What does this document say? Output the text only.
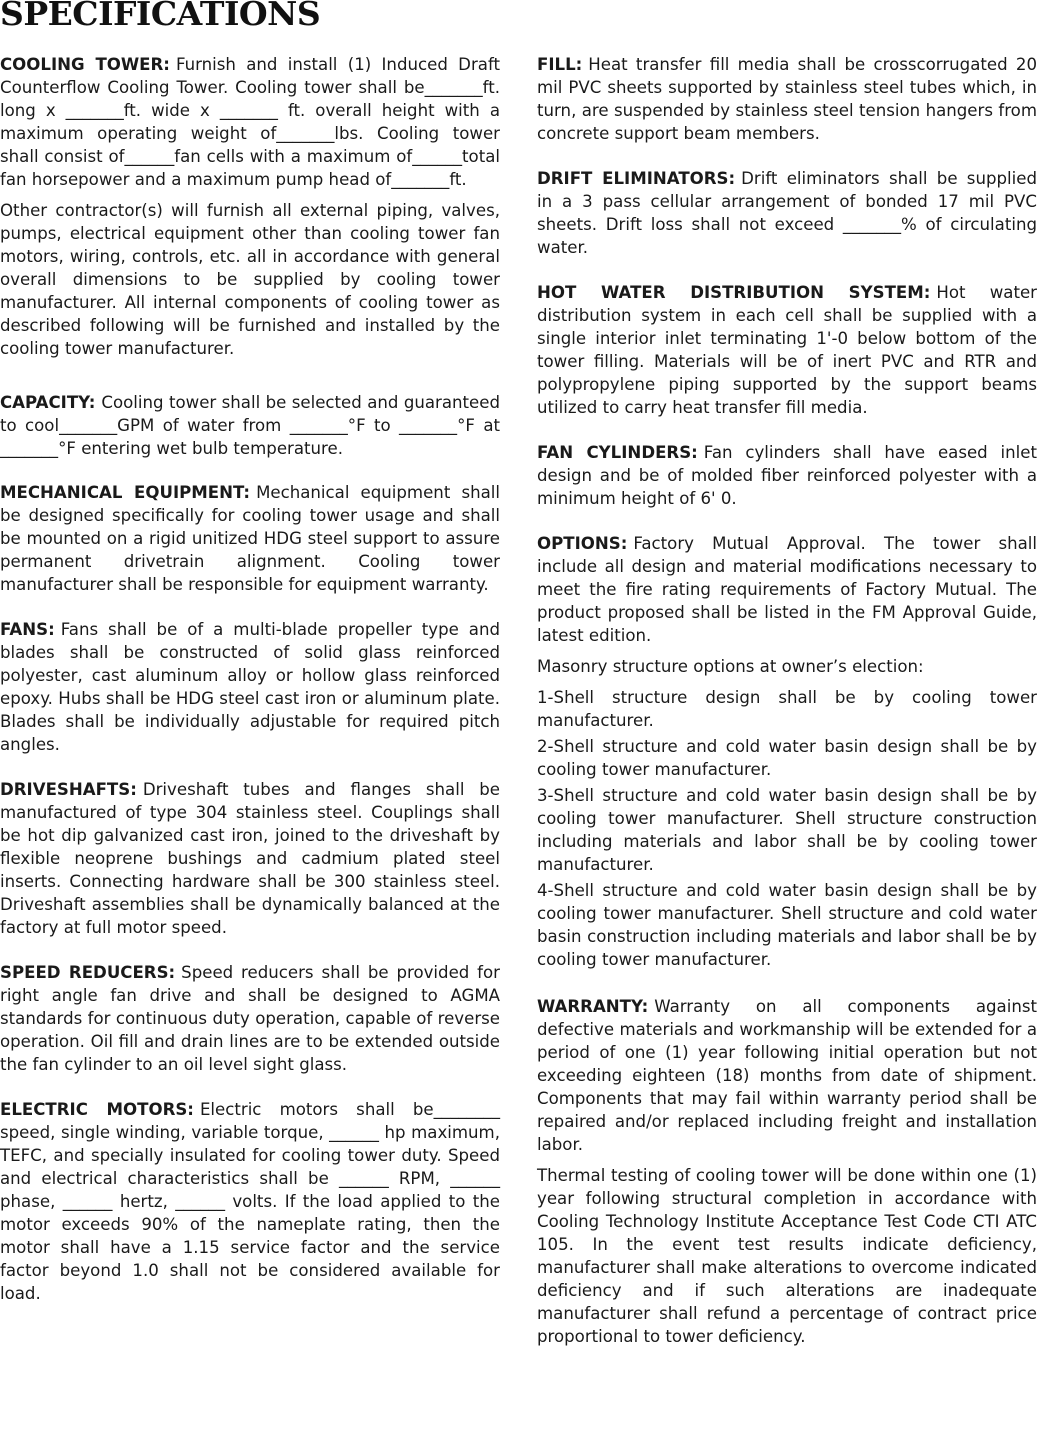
SPECIFICATIONS

COOLING TOWER: Furnish and install (1) Induced Draft Counterflow Cooling Tower. Cooling tower shall be_______ft. long x _______ft. wide x _______ ft. overall height with a maximum operating weight of_______lbs. Cooling tower shall consist of______fan cells with a maximum of______total fan horsepower and a maximum pump head of_______ft.

Other contractor(s) will furnish all external piping, valves, pumps, electrical equipment other than cooling tower fan motors, wiring, controls, etc. all in accordance with general overall dimensions to be supplied by cooling tower manufacturer. All internal components of cooling tower as described following will be furnished and installed by the cooling tower manufacturer.

CAPACITY: Cooling tower shall be selected and guaranteed to cool_______GPM of water from _______°F to _______°F at _______°F entering wet bulb temperature.

MECHANICAL EQUIPMENT: Mechanical equipment shall be designed specifically for cooling tower usage and shall be mounted on a rigid unitized HDG steel support to assure permanent drivetrain alignment. Cooling tower manufacturer shall be responsible for equipment warranty.

FANS: Fans shall be of a multi-blade propeller type and blades shall be constructed of solid glass reinforced polyester, cast aluminum alloy or hollow glass reinforced epoxy. Hubs shall be HDG steel cast iron or aluminum plate. Blades shall be individually adjustable for required pitch angles.

DRIVESHAFTS: Driveshaft tubes and flanges shall be manufactured of type 304 stainless steel. Couplings shall be hot dip galvanized cast iron, joined to the driveshaft by flexible neoprene bushings and cadmium plated steel inserts. Connecting hardware shall be 300 stainless steel. Driveshaft assemblies shall be dynamically balanced at the factory at full motor speed.

SPEED REDUCERS: Speed reducers shall be provided for right angle fan drive and shall be designed to AGMA standards for continuous duty operation, capable of reverse operation. Oil fill and drain lines are to be extended outside the fan cylinder to an oil level sight glass.

ELECTRIC MOTORS: Electric motors shall be________ speed, single winding, variable torque, ______ hp maximum, TEFC, and specially insulated for cooling tower duty. Speed and electrical characteristics shall be ______ RPM, ______ phase, ______ hertz, ______ volts. If the load applied to the motor exceeds 90% of the nameplate rating, then the motor shall have a 1.15 service factor and the service factor beyond 1.0 shall not be considered available for load.

FILL: Heat transfer fill media shall be crosscorrugated 20 mil PVC sheets supported by stainless steel tubes which, in turn, are suspended by stainless steel tension hangers from concrete support beam members.

DRIFT ELIMINATORS: Drift eliminators shall be supplied in a 3 pass cellular arrangement of bonded 17 mil PVC sheets. Drift loss shall not exceed _______% of circulating water.

HOT WATER DISTRIBUTION SYSTEM: Hot water distribution system in each cell shall be supplied with a single interior inlet terminating 1'-0 below bottom of the tower filling. Materials will be of inert PVC and RTR and polypropylene piping supported by the support beams utilized to carry heat transfer fill media.

FAN CYLINDERS: Fan cylinders shall have eased inlet design and be of molded fiber reinforced polyester with a minimum height of 6' 0.

OPTIONS: Factory Mutual Approval. The tower shall include all design and material modifications necessary to meet the fire rating requirements of Factory Mutual. The product proposed shall be listed in the FM Approval Guide, latest edition.

Masonry structure options at owner’s election:

1-Shell structure design shall be by cooling tower manufacturer.

2-Shell structure and cold water basin design shall be by cooling tower manufacturer.

3-Shell structure and cold water basin design shall be by cooling tower manufacturer. Shell structure construction including materials and labor shall be by cooling tower manufacturer.

4-Shell structure and cold water basin design shall be by cooling tower manufacturer. Shell structure and cold water basin construction including materials and labor shall be by cooling tower manufacturer.

WARRANTY: Warranty on all components against defective materials and workmanship will be extended for a period of one (1) year following initial operation but not exceeding eighteen (18) months from date of shipment. Components that may fail within warranty period shall be repaired and/or replaced including freight and installation labor.

Thermal testing of cooling tower will be done within one (1) year following structural completion in accordance with Cooling Technology Institute Acceptance Test Code CTI ATC 105. In the event test results indicate deficiency, manufacturer shall make alterations to overcome indicated deficiency and if such alterations are inadequate manufacturer shall refund a percentage of contract price proportional to tower deficiency.
